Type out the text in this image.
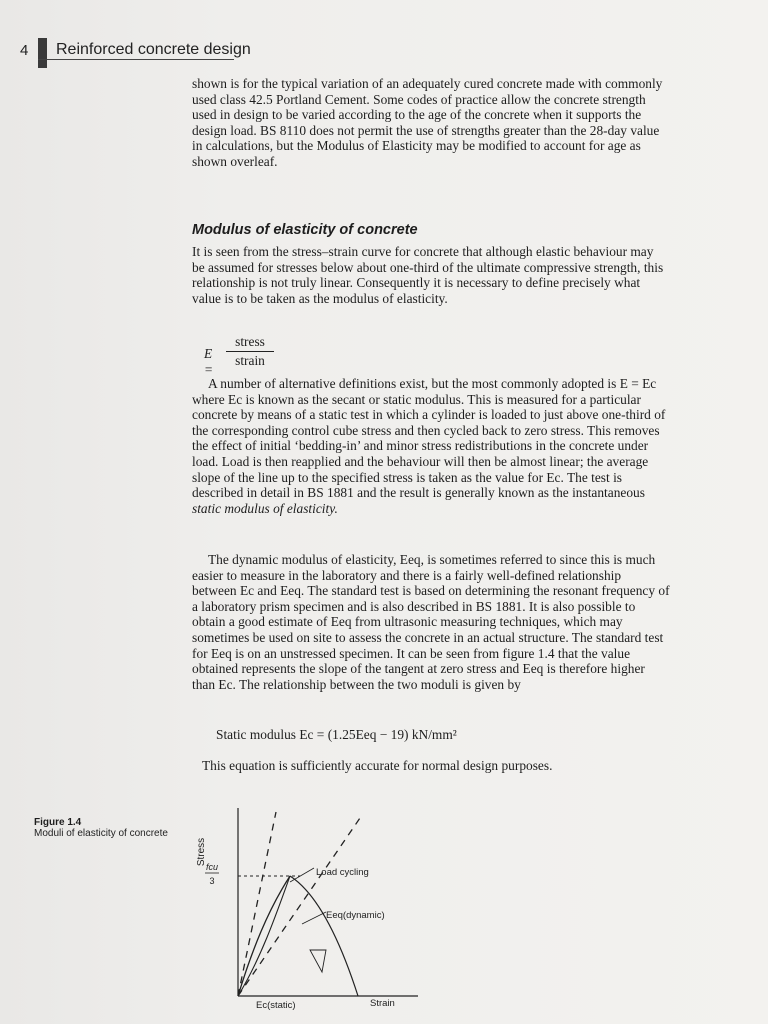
4 Reinforced concrete design

shown is for the typical variation of an adequately cured concrete made with commonly
used class 42.5 Portland Cement. Some codes of practice allow the concrete strength
used in design to be varied according to the age of the concrete when it supports the
design load. BS 8110 does not permit the use of strengths greater than the 28-day value
in calculations, but the Modulus of Elasticity may be modified to account for age as
shown overleaf.

Modulus of elasticity of concrete

It is seen from the stress–strain curve for concrete that although elastic behaviour may
be assumed for stresses below about one-third of the ultimate compressive strength, this
relationship is not truly linear. Consequently it is necessary to define precisely what
value is to be taken as the modulus of elasticity.

E =
stress
strain

A number of alternative definitions exist, but the most commonly adopted is E = Ec
where Ec is known as the secant or static modulus. This is measured for a particular
concrete by means of a static test in which a cylinder is loaded to just above one-third of
the corresponding control cube stress and then cycled back to zero stress. This removes
the effect of initial ‘bedding-in’ and minor stress redistributions in the concrete under
load. Load is then reapplied and the behaviour will then be almost linear; the average
slope of the line up to the specified stress is taken as the value for Ec. The test is
described in detail in BS 1881 and the result is generally known as the instantaneous
static modulus of elasticity.

The dynamic modulus of elasticity, Eeq, is sometimes referred to since this is much
easier to measure in the laboratory and there is a fairly well-defined relationship
between Ec and Eeq. The standard test is based on determining the resonant frequency of
a laboratory prism specimen and is also described in BS 1881. It is also possible to
obtain a good estimate of Eeq from ultrasonic measuring techniques, which may
sometimes be used on site to assess the concrete in an actual structure. The standard test
for Eeq is on an unstressed specimen. It can be seen from figure 1.4 that the value
obtained represents the slope of the tangent at zero stress and Eeq is therefore higher
than Ec. The relationship between the two moduli is given by

Static modulus Ec = (1.25Eeq − 19) kN/mm²
This equation is sufficiently accurate for normal design purposes.
Figure 1.4
Moduli of elasticity of concrete
Stress
fcu
3
Load cycling
Eeq(dynamic)
Ec(static)	Strain
